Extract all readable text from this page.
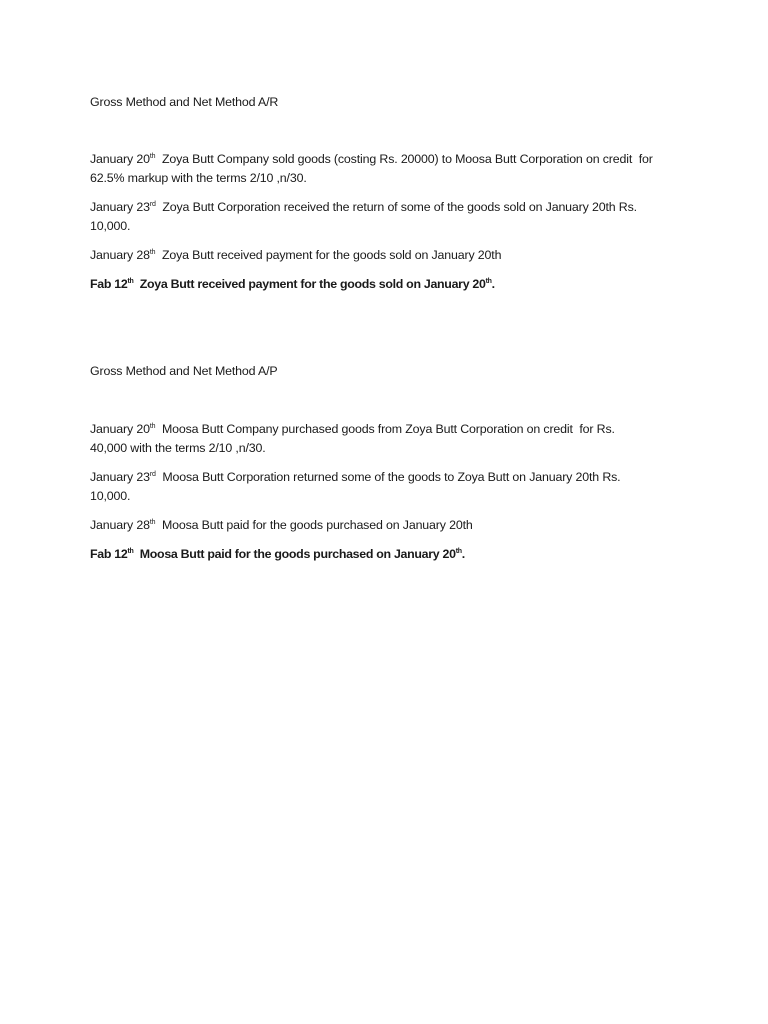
Gross Method and Net Method A/R
January 20th  Zoya Butt Company sold goods (costing Rs. 20000) to Moosa Butt Corporation on credit  for
62.5% markup with the terms 2/10 ,n/30.
January 23rd  Zoya Butt Corporation received the return of some of the goods sold on January 20th Rs.
10,000.
January 28th  Zoya Butt received payment for the goods sold on January 20th
Fab 12th  Zoya Butt received payment for the goods sold on January 20th.
Gross Method and Net Method A/P
January 20th  Moosa Butt Company purchased goods from Zoya Butt Corporation on credit  for Rs.
40,000 with the terms 2/10 ,n/30.
January 23rd  Moosa Butt Corporation returned some of the goods to Zoya Butt on January 20th Rs.
10,000.
January 28th  Moosa Butt paid for the goods purchased on January 20th
Fab 12th  Moosa Butt paid for the goods purchased on January 20th.
